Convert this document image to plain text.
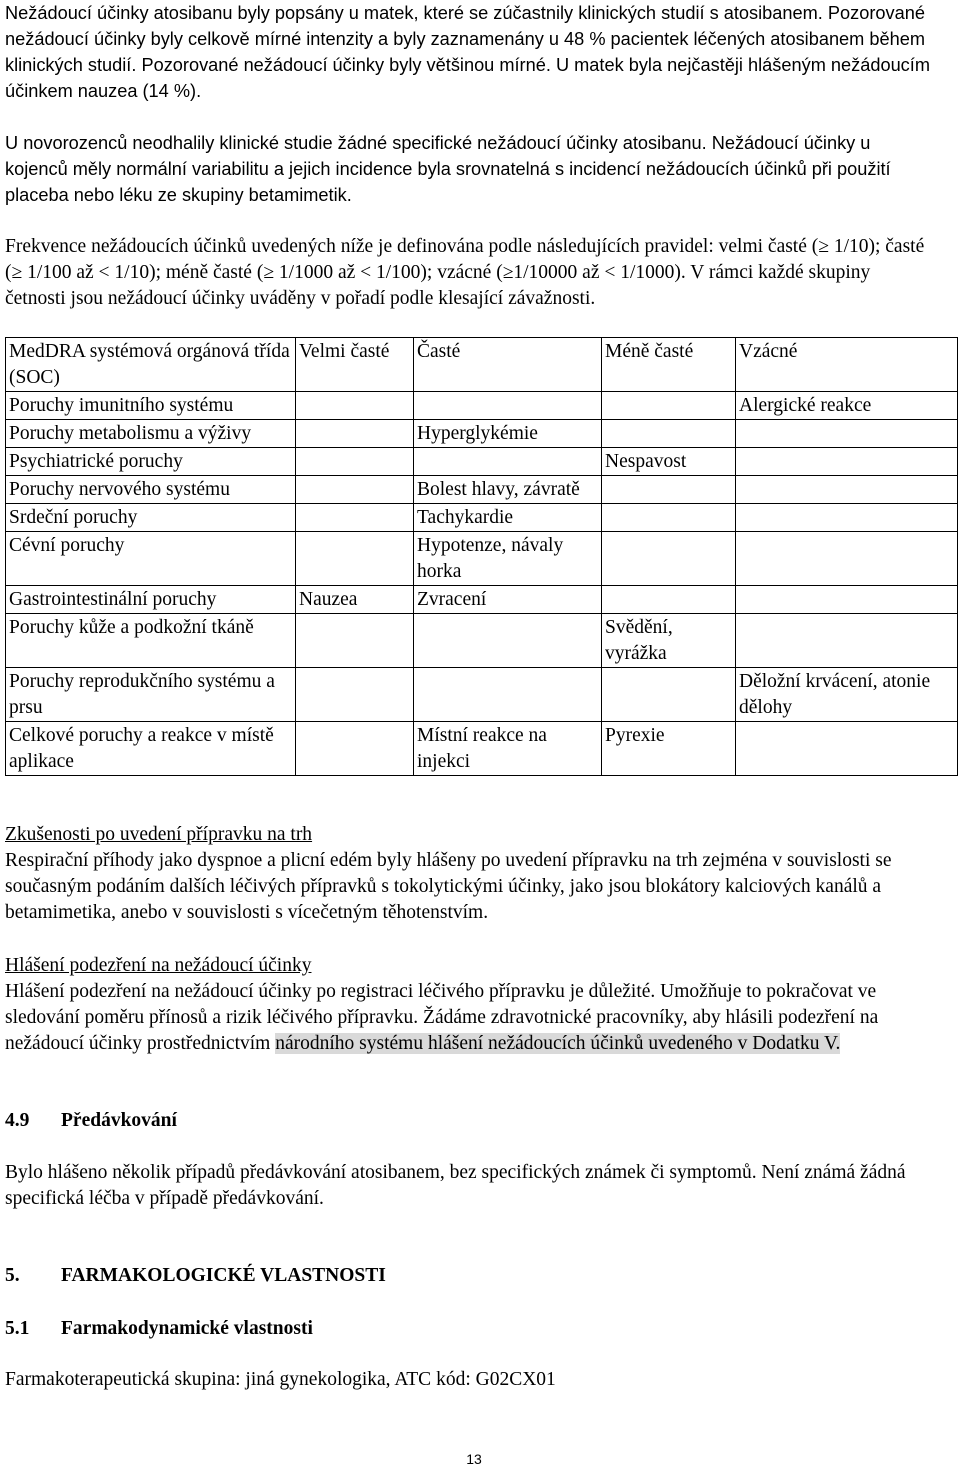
Nežádoucí účinky atosibanu byly popsány u matek, které se zúčastnily klinických studií s atosibanem. Pozorované nežádoucí účinky byly celkově mírné intenzity a byly zaznamenány u 48 % pacientek léčených atosibanem během klinických studií. Pozorované nežádoucí účinky byly většinou mírné. U matek byla nejčastěji hlášeným nežádoucím účinkem nauzea (14 %).

U novorozenců neodhalily klinické studie žádné specifické nežádoucí účinky atosibanu. Nežádoucí účinky u kojenců měly normální variabilitu a jejich incidence byla srovnatelná s incidencí nežádoucích účinků při použití placeba nebo léku ze skupiny betamimetik.

Frekvence nežádoucích účinků uvedených níže je definována podle následujících pravidel: velmi časté (≥ 1/10); časté (≥ 1/100 až < 1/10); méně časté (≥ 1/1000 až < 1/100); vzácné (≥1/10000 až < 1/1000). V rámci každé skupiny četnosti jsou nežádoucí účinky uváděny v pořadí podle klesající závažnosti.

MedDRA systémová orgánová třída (SOC)	Velmi časté	Časté	Méně časté	Vzácné
Poruchy imunitního systému				Alergické reakce
Poruchy metabolismu a výživy		Hyperglykémie		
Psychiatrické poruchy			Nespavost	
Poruchy nervového systému		Bolest hlavy, závratě		
Srdeční poruchy		Tachykardie		
Cévní poruchy		Hypotenze, návaly horka		
Gastrointestinální poruchy	Nauzea	Zvracení		
Poruchy kůže a podkožní tkáně			Svědění, vyrážka	
Poruchy reprodukčního systému a prsu				Děložní krvácení, atonie dělohy
Celkové poruchy a reakce v místě aplikace		Místní reakce na injekci	Pyrexie	

Zkušenosti po uvedení přípravku na trh

Respirační příhody jako dyspnoe a plicní edém byly hlášeny po uvedení přípravku na trh zejména v souvislosti se současným podáním dalších léčivých přípravků s tokolytickými účinky, jako jsou blokátory kalciových kanálů a betamimetika, anebo v souvislosti s vícečetným těhotenstvím.

Hlášení podezření na nežádoucí účinky

Hlášení podezření na nežádoucí účinky po registraci léčivého přípravku je důležité. Umožňuje to pokračovat ve sledování poměru přínosů a rizik léčivého přípravku. Žádáme zdravotnické pracovníky, aby hlásili podezření na nežádoucí účinky prostřednictvím národního systému hlášení nežádoucích účinků uvedeného v Dodatku V.

4.9 Předávkování

Bylo hlášeno několik případů předávkování atosibanem, bez specifických známek či symptomů. Není známá žádná specifická léčba v případě předávkování.

5. FARMAKOLOGICKÉ VLASTNOSTI

5.1 Farmakodynamické vlastnosti

Farmakoterapeutická skupina: jiná gynekologika, ATC kód: G02CX01

13
